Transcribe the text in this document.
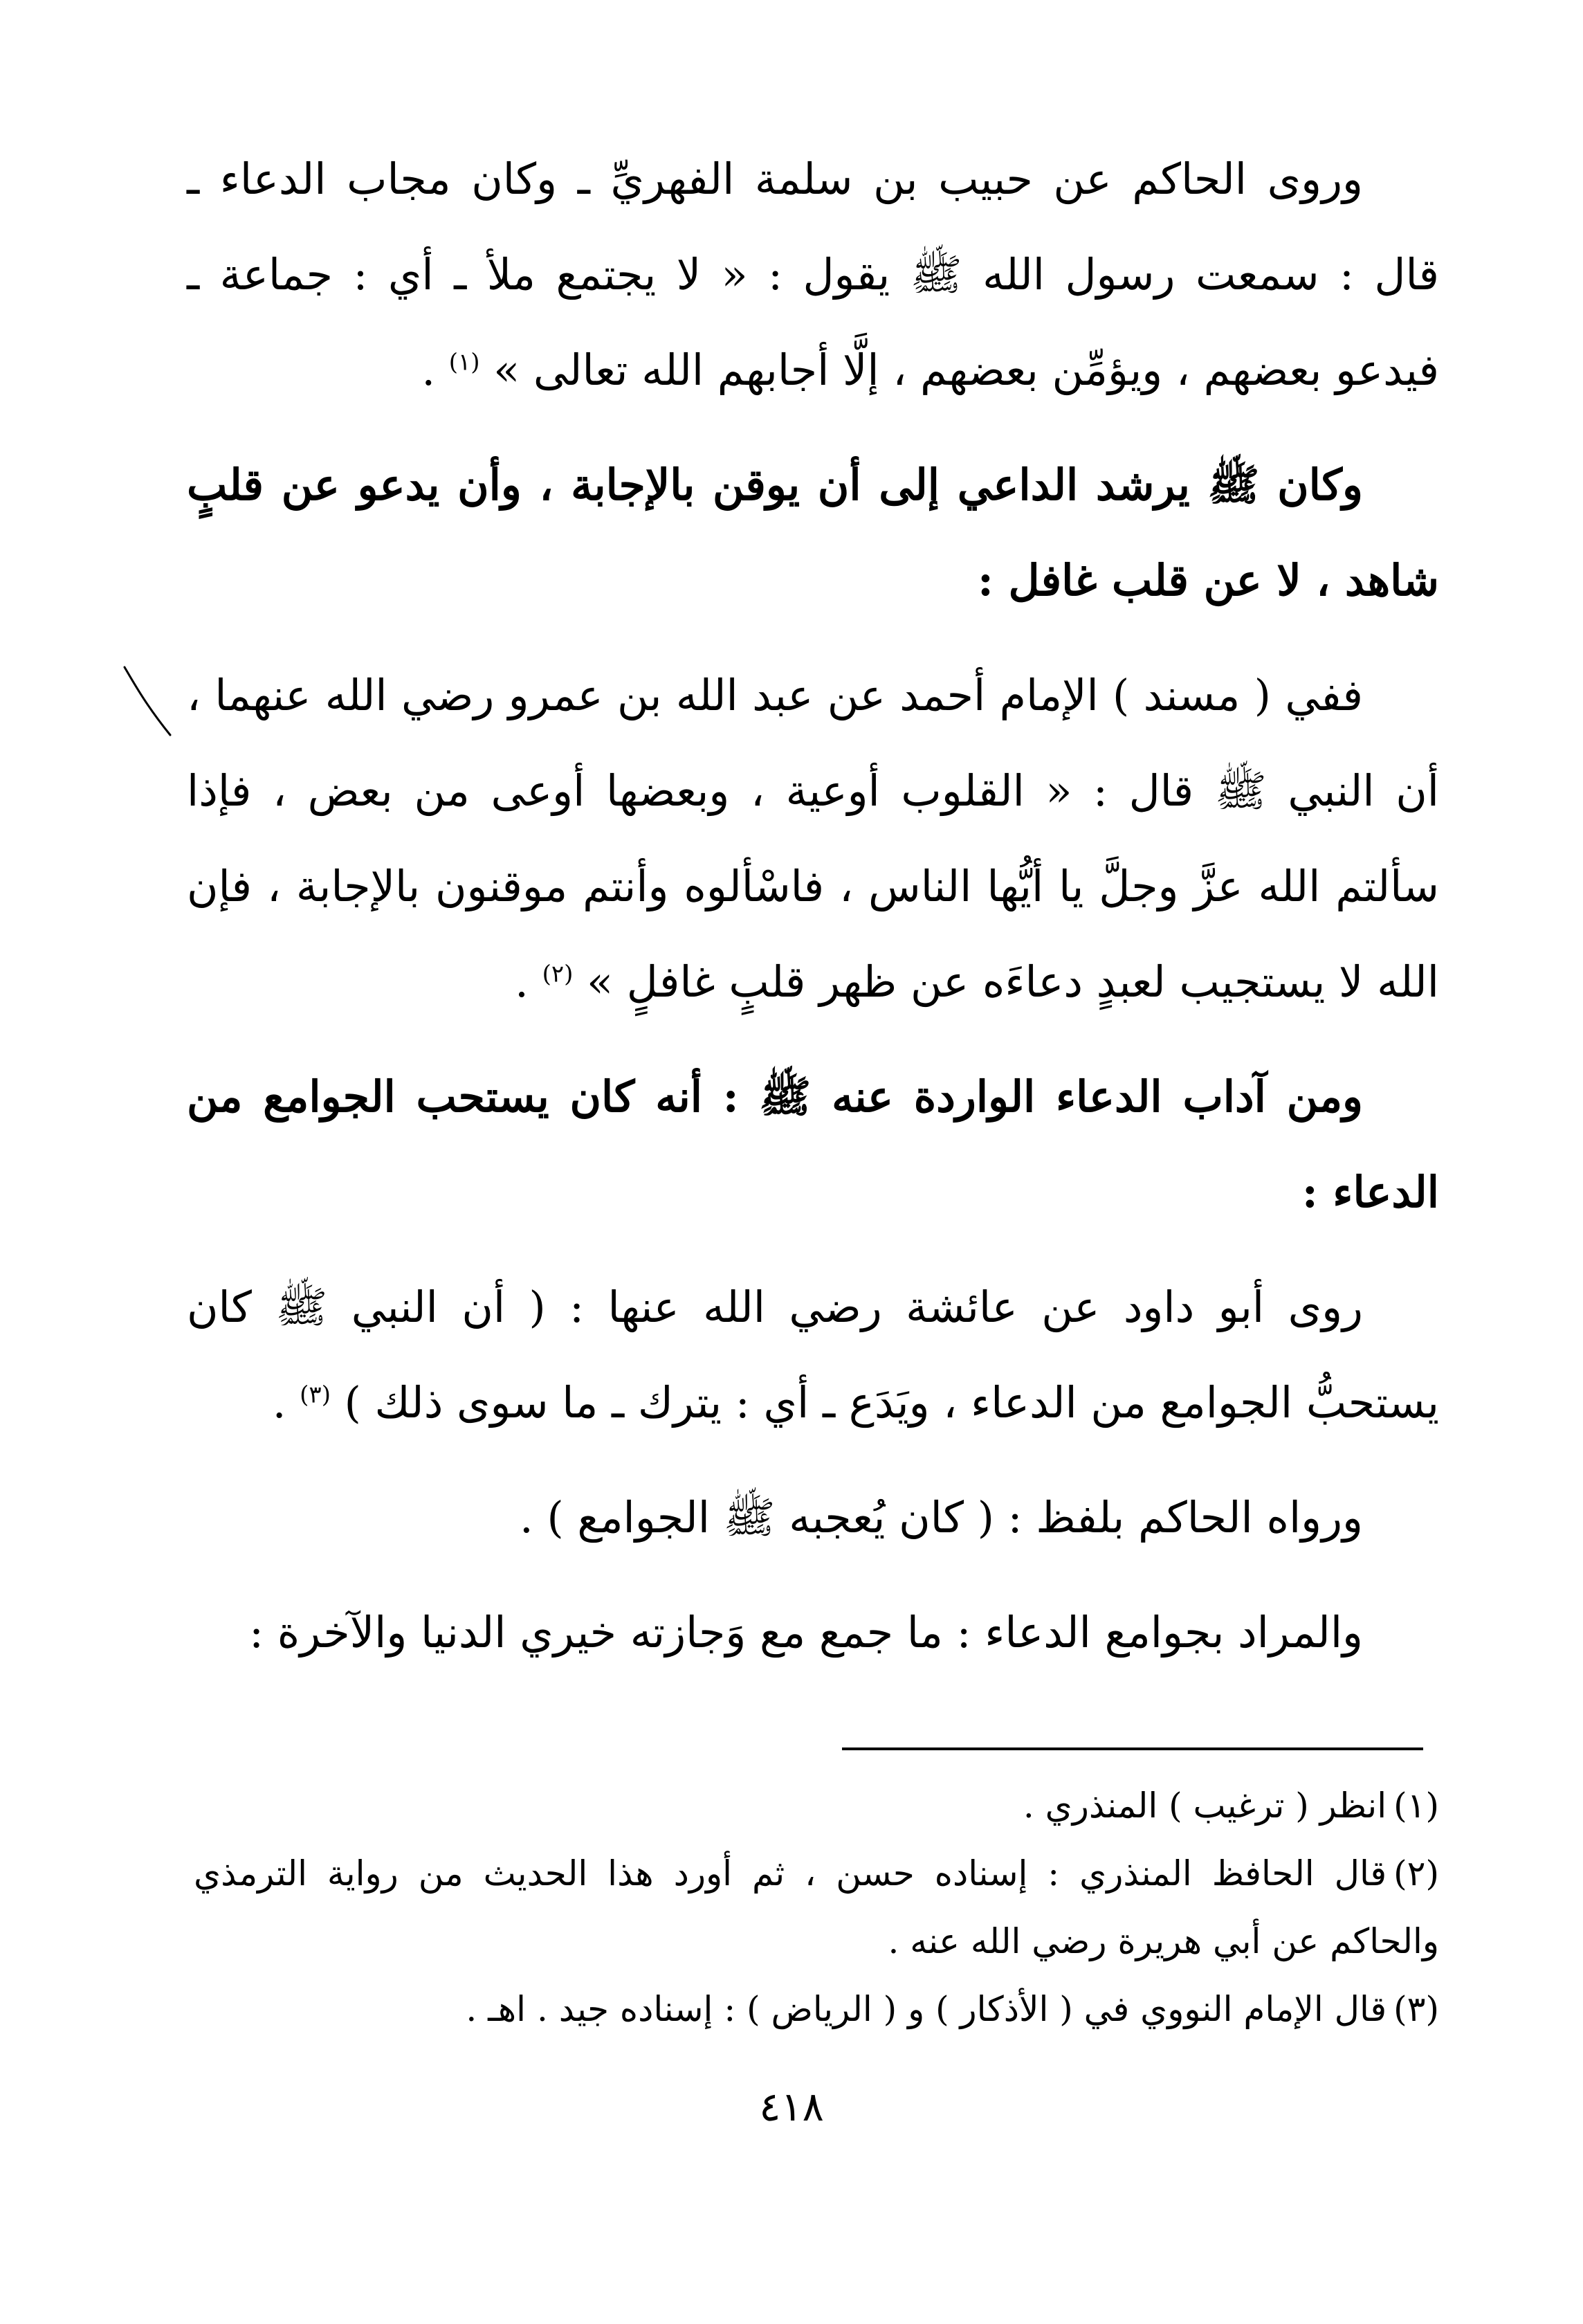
وروى الحاكم عن حبيب بن سلمة الفهريِّ ـ وكان مجاب الدعاء ـ قال : سمعت رسول الله ﷺ يقول : « لا يجتمع ملأ ـ أي : جماعة ـ فيدعو بعضهم ، ويؤمِّن بعضهم ، إلَّا أجابهم الله تعالى » $^{(١)}$ .

وكان ﷺ يرشد الداعي إلى أن يوقن بالإجابة ، وأن يدعو عن قلبٍ شاهد ، لا عن قلب غافل :

ففي ( مسند ) الإمام أحمد عن عبد الله بن عمرو رضي الله عنهما ، أن النبي ﷺ قال : « القلوب أوعية ، وبعضها أوعى من بعض ، فإذا سألتم الله عزَّ وجلَّ يا أيُّها الناس ، فاسْألوه وأنتم موقنون بالإجابة ، فإن الله لا يستجيب لعبدٍ دعاءَه عن ظهر قلبٍ غافلٍ » $^{(٢)}$ .

ومن آداب الدعاء الواردة عنه ﷺ : أنه كان يستحب الجوامع من الدعاء :

روى أبو داود عن عائشة رضي الله عنها : ( أن النبي ﷺ كان يستحبُّ الجوامع من الدعاء ، ويَدَع ـ أي : يترك ـ ما سوى ذلك ) $^{(٣)}$ .

ورواه الحاكم بلفظ : ( كان يُعجبه ﷺ الجوامع ) .

والمراد بجوامع الدعاء : ما جمع مع وَجازته خيري الدنيا والآخرة :

(١)انظر ( ترغيب ) المنذري .

(٢)قال الحافظ المنذري : إسناده حسن ، ثم أورد هذا الحديث من رواية الترمذي والحاكم عن أبي هريرة رضي الله عنه .

(٣)قال الإمام النووي في ( الأذكار ) و ( الرياض ) : إسناده جيد . اهـ .

٤١٨
